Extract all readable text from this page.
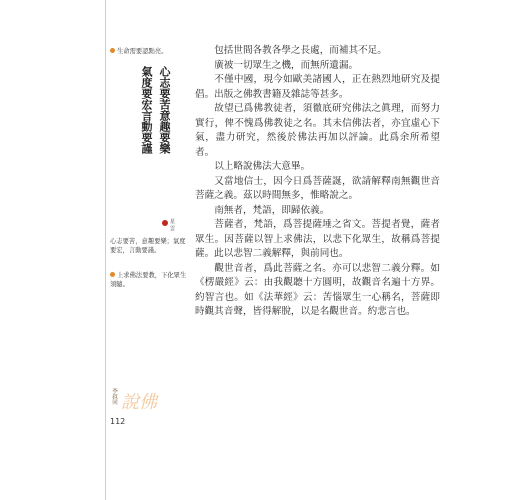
生命需要認點亮。
心志要苦意趣要樂
氣度要宏言動要謹
星雲
心志要苦，意趣要樂；氣度要宏，言動要謹。
上求佛法要教，下化眾生須隨。

包括世間各教各學之長處，而補其不足。

廣被一切眾生之機，而無所遺漏。

不僅中國，現今如歐美諸國人，正在熱烈地研究及提倡。出版之佛教書籍及雜誌等甚多。

故望已爲佛教徒者，須徹底研究佛法之眞理，而努力實行，俾不愧爲佛教徒之名。其未信佛法者，亦宜虛心下氣，盡力研究，然後於佛法再加以評論。此爲余所希望者。

以上略說佛法大意畢。

又當地信士，因今日爲菩薩誕，欲請解釋南無觀世音菩薩之義。茲以時間無多，惟略說之。

南無者，梵語，即歸依義。

菩薩者，梵語，爲菩提薩埵之省文。菩提者覺，薩者眾生。因菩薩以智上求佛法，以悲下化眾生，故稱爲菩提薩。此以悲智二義解釋，與前同也。

觀世音者，爲此菩薩之名。亦可以悲智二義分釋。如《楞嚴經》云：由我觀聽十方圓明，故觀音名遍十方界。約智言也。如《法華經》云：苦惱眾生一心稱名，菩薩即時觀其音聲，皆得解脫，以是名觀世音。約悲言也。

李叔同 說佛
112
